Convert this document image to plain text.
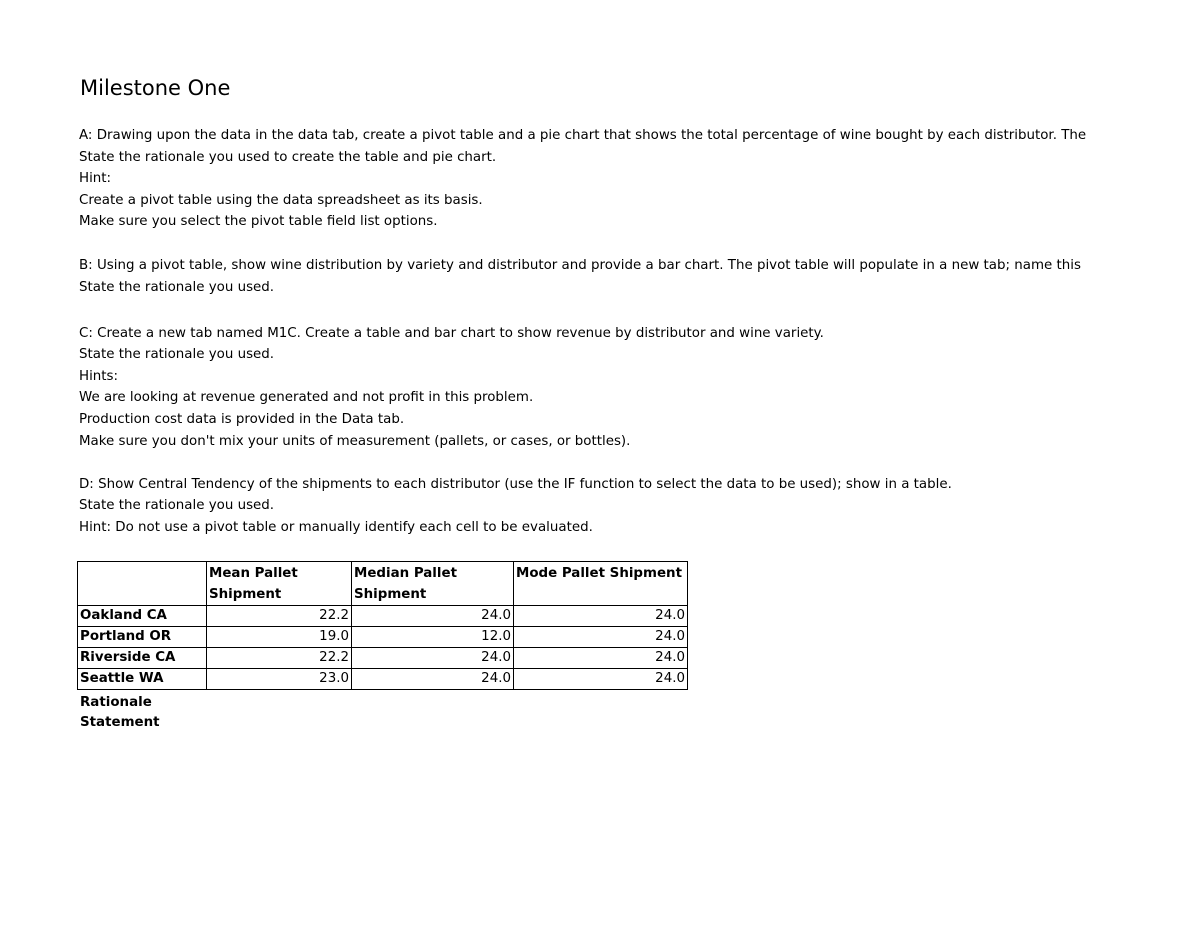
Milestone One
A: Drawing upon the data in the data tab, create a pivot table and a pie chart that shows the total percentage of wine bought by each distributor. The
State the rationale you used to create the table and pie chart.
Hint:
Create a pivot table using the data spreadsheet as its basis.
Make sure you select the pivot table field list options.
B: Using a pivot table, show wine distribution by variety and distributor and provide a bar chart. The pivot table will populate in a new tab; name this
State the rationale you used.
C: Create a new tab named M1C. Create a table and bar chart to show revenue by distributor and wine variety.
State the rationale you used.
Hints:
We are looking at revenue generated and not profit in this problem.
Production cost data is provided in the Data tab.
Make sure you don't mix your units of measurement (pallets, or cases, or bottles).
D: Show Central Tendency of the shipments to each distributor (use the IF function to select the data to be used); show in a table.
State the rationale you used.
Hint: Do not use a pivot table or manually identify each cell to be evaluated.
	Mean Pallet Shipment	Median Pallet Shipment	Mode Pallet Shipment
Oakland CA	22.2	24.0	24.0
Portland OR	19.0	12.0	24.0
Riverside CA	22.2	24.0	24.0
Seattle WA	23.0	24.0	24.0
Rationale Statement
